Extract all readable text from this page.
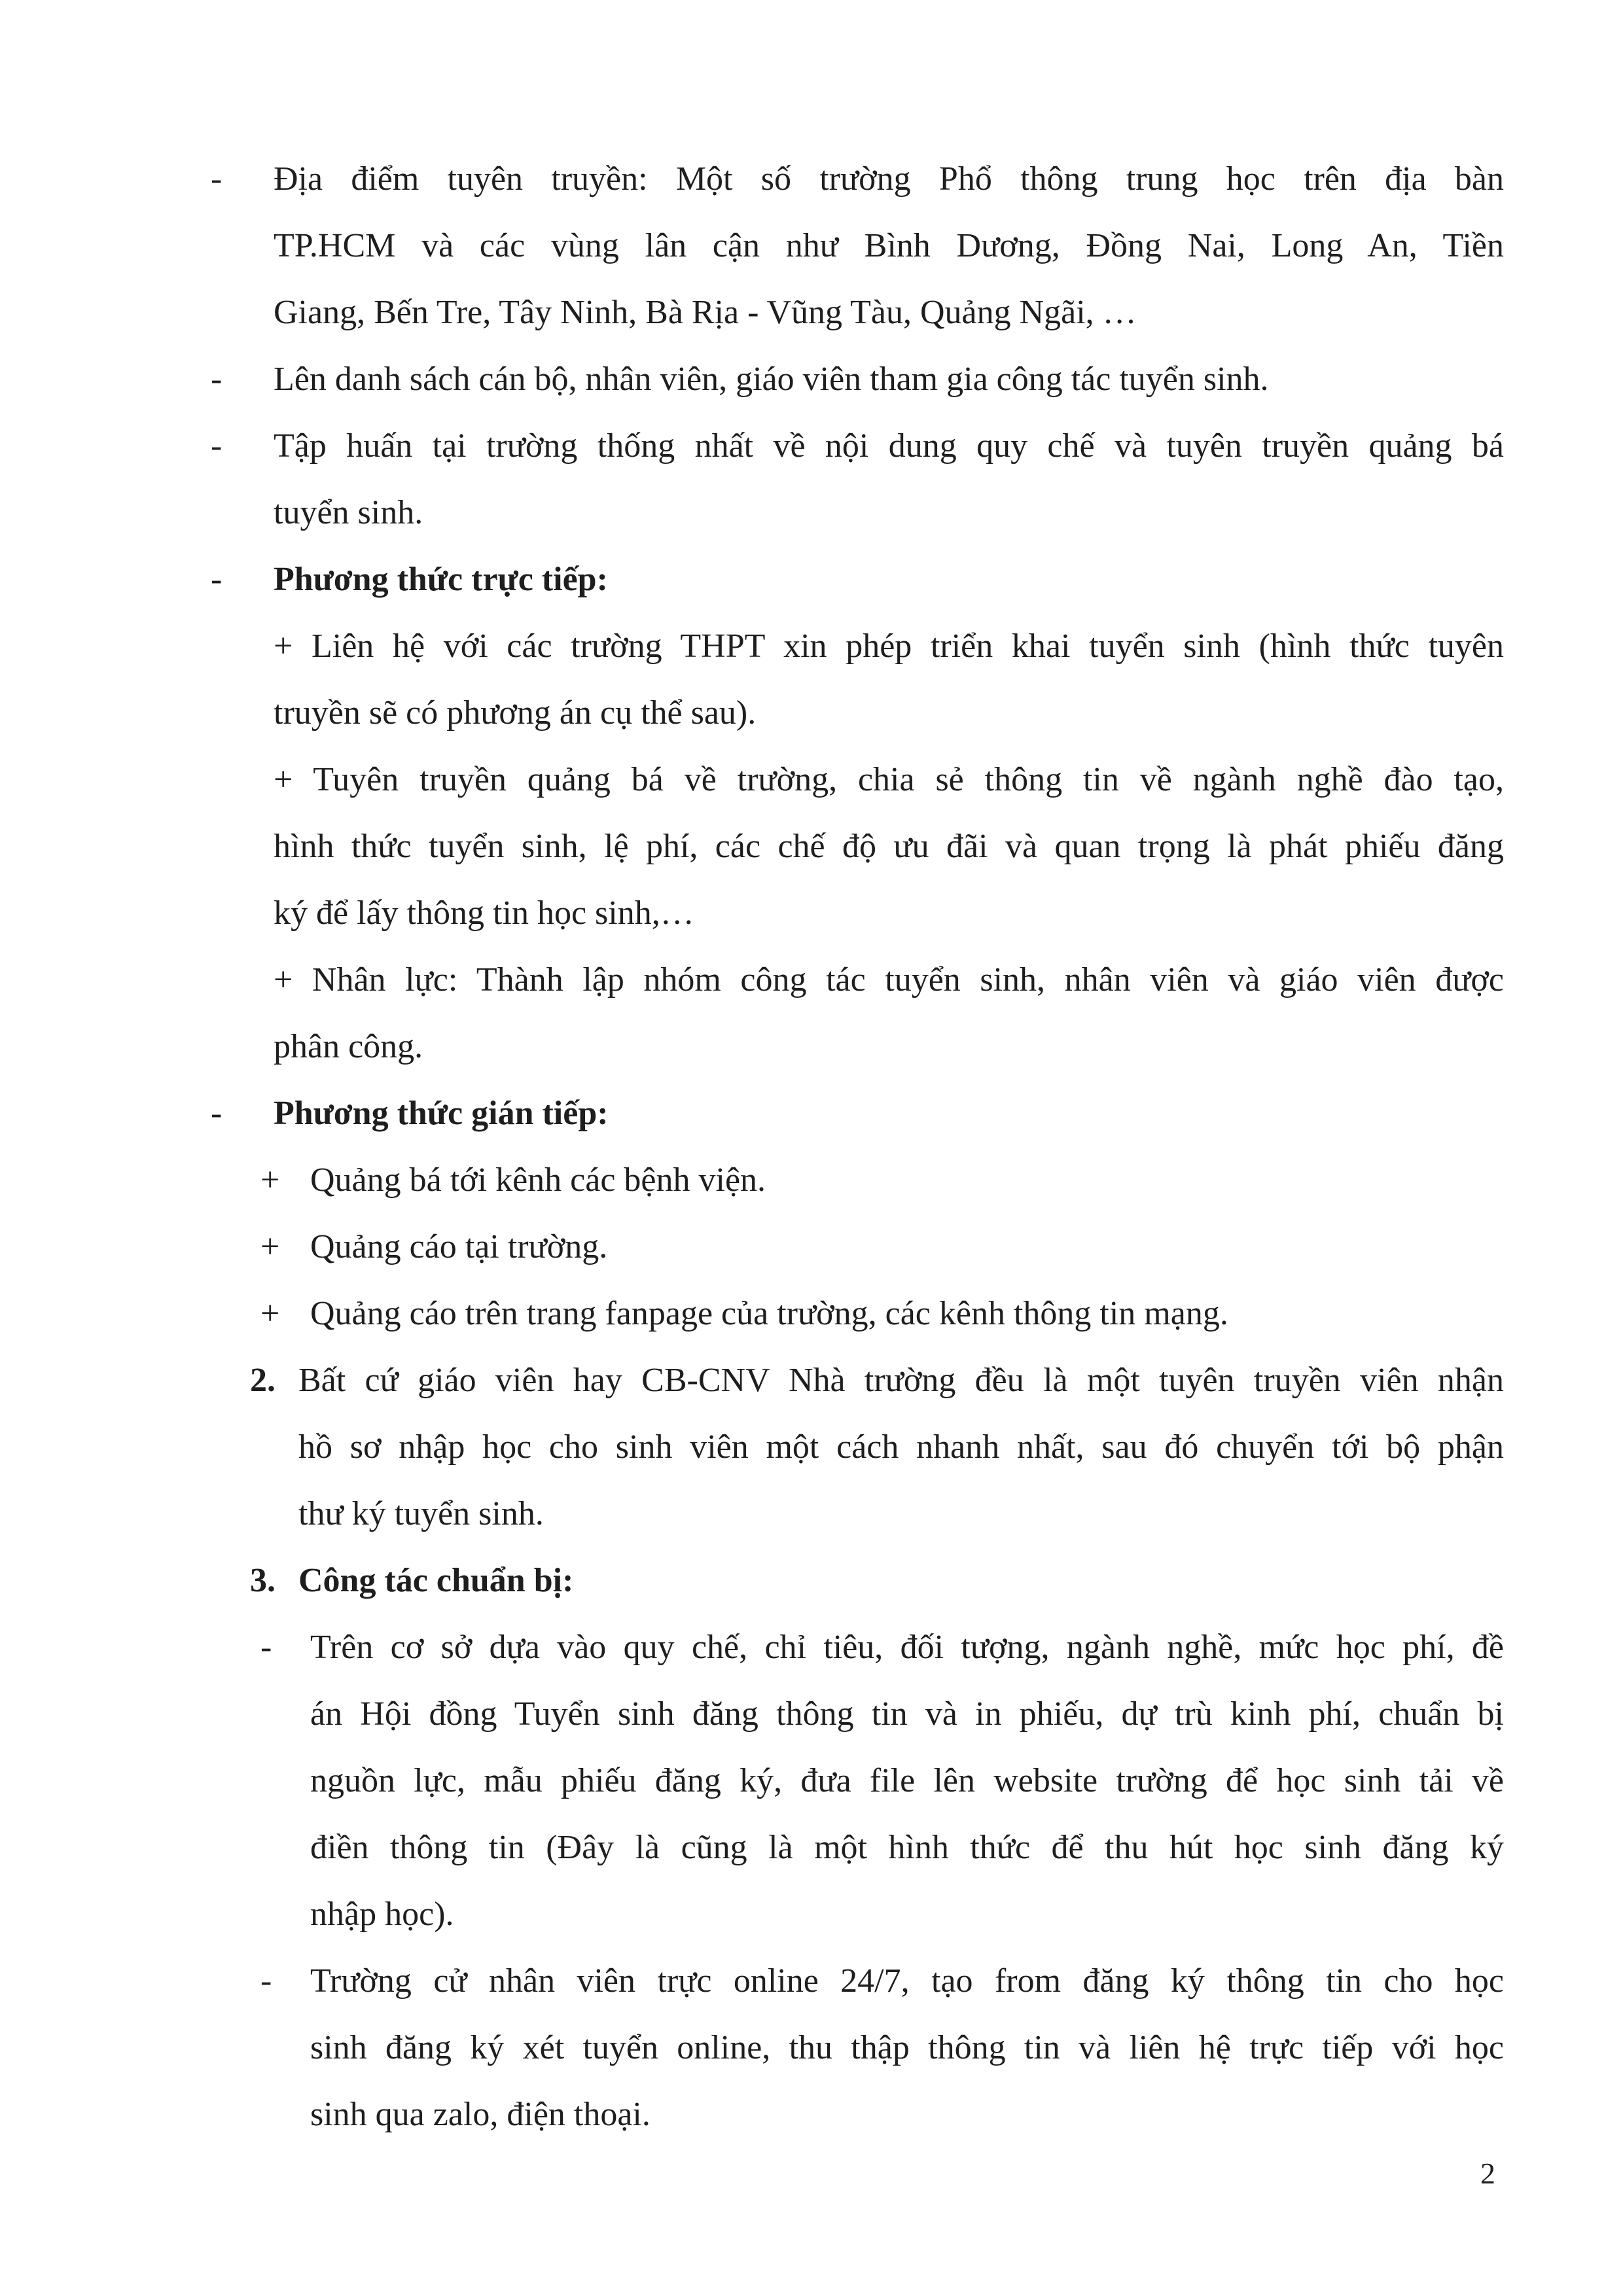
- Địa điểm tuyên truyền: Một số trường Phổ thông trung học trên địa bàn
TP.HCM và các vùng lân cận như Bình Dương, Đồng Nai, Long An, Tiền
Giang, Bến Tre, Tây Ninh, Bà Rịa - Vũng Tàu, Quảng Ngãi, …
- Lên danh sách cán bộ, nhân viên, giáo viên tham gia công tác tuyển sinh.
- Tập huấn tại trường thống nhất về nội dung quy chế và tuyên truyền quảng bá
tuyển sinh.
- Phương thức trực tiếp:
+ Liên hệ với các trường THPT xin phép triển khai tuyển sinh (hình thức tuyên
truyền sẽ có phương án cụ thể sau).
+ Tuyên truyền quảng bá về trường, chia sẻ thông tin về ngành nghề đào tạo,
hình thức tuyển sinh, lệ phí, các chế độ ưu đãi và quan trọng là phát phiếu đăng
ký để lấy thông tin học sinh,…
+ Nhân lực: Thành lập nhóm công tác tuyển sinh, nhân viên và giáo viên được
phân công.
- Phương thức gián tiếp:
+ Quảng bá tới kênh các bệnh viện.
+ Quảng cáo tại trường.
+ Quảng cáo trên trang fanpage của trường, các kênh thông tin mạng.
2. Bất cứ giáo viên hay CB-CNV Nhà trường đều là một tuyên truyền viên nhận
hồ sơ nhập học cho sinh viên một cách nhanh nhất, sau đó chuyển tới bộ phận
thư ký tuyển sinh.
3. Công tác chuẩn bị:
- Trên cơ sở dựa vào quy chế, chỉ tiêu, đối tượng, ngành nghề, mức học phí, đề
án Hội đồng Tuyển sinh đăng thông tin và in phiếu, dự trù kinh phí, chuẩn bị
nguồn lực, mẫu phiếu đăng ký, đưa file lên website trường để học sinh tải về
điền thông tin (Đây là cũng là một hình thức để thu hút học sinh đăng ký
nhập học).
- Trường cử nhân viên trực online 24/7, tạo from đăng ký thông tin cho học
sinh đăng ký xét tuyển online, thu thập thông tin và liên hệ trực tiếp với học
sinh qua zalo, điện thoại.
2
